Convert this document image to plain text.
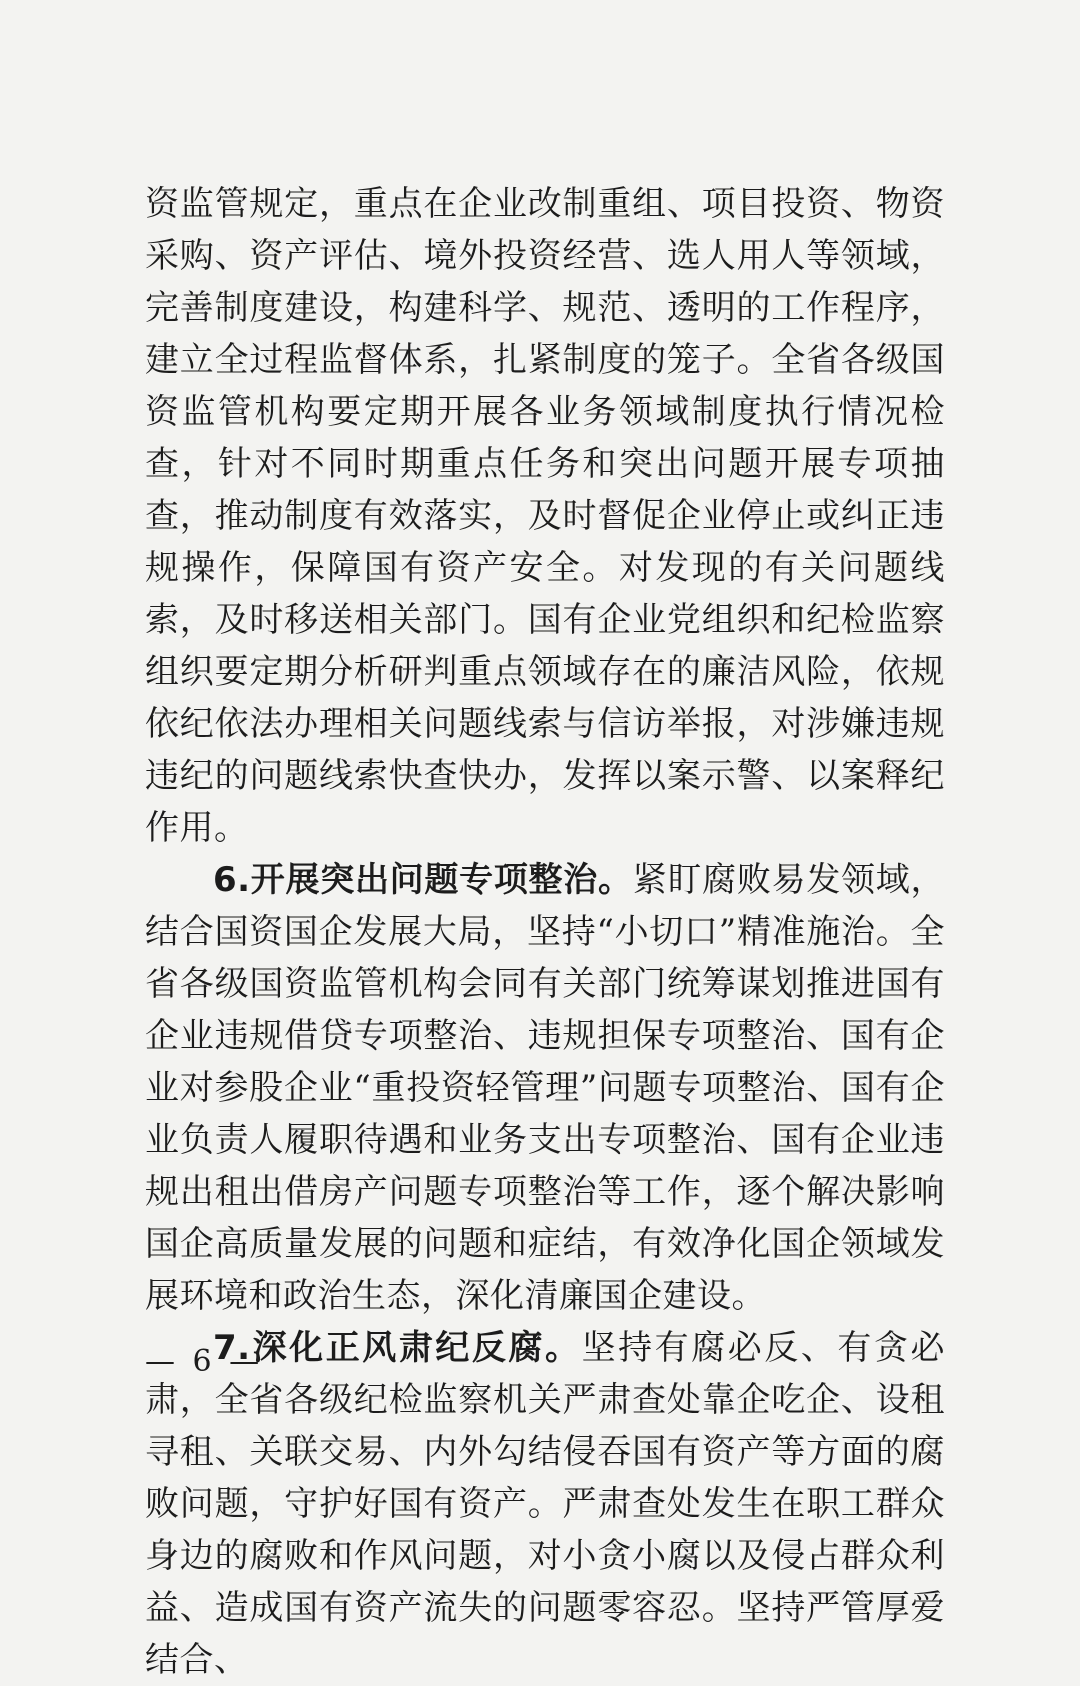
资监管规定，重点在企业改制重组、项目投资、物资采购、资产评估、境外投资经营、选人用人等领域，完善制度建设，构建科学、规范、透明的工作程序，建立全过程监督体系，扎紧制度的笼子。全省各级国资监管机构要定期开展各业务领域制度执行情况检查，针对不同时期重点任务和突出问题开展专项抽查，推动制度有效落实，及时督促企业停止或纠正违规操作，保障国有资产安全。对发现的有关问题线索，及时移送相关部门。国有企业党组织和纪检监察组织要定期分析研判重点领域存在的廉洁风险，依规依纪依法办理相关问题线索与信访举报，对涉嫌违规违纪的问题线索快查快办，发挥以案示警、以案释纪作用。

6.开展突出问题专项整治。紧盯腐败易发领域，结合国资国企发展大局，坚持“小切口”精准施治。全省各级国资监管机构会同有关部门统筹谋划推进国有企业违规借贷专项整治、违规担保专项整治、国有企业对参股企业“重投资轻管理”问题专项整治、国有企业负责人履职待遇和业务支出专项整治、国有企业违规出租出借房产问题专项整治等工作，逐个解决影响国企高质量发展的问题和症结，有效净化国企领域发展环境和政治生态，深化清廉国企建设。

7.深化正风肃纪反腐。坚持有腐必反、有贪必肃，全省各级纪检监察机关严肃查处靠企吃企、设租寻租、关联交易、内外勾结侵吞国有资产等方面的腐败问题，守护好国有资产。严肃查处发生在职工群众身边的腐败和作风问题，对小贪小腐以及侵占群众利益、造成国有资产流失的问题零容忍。坚持严管厚爱结合、

— 6 —
